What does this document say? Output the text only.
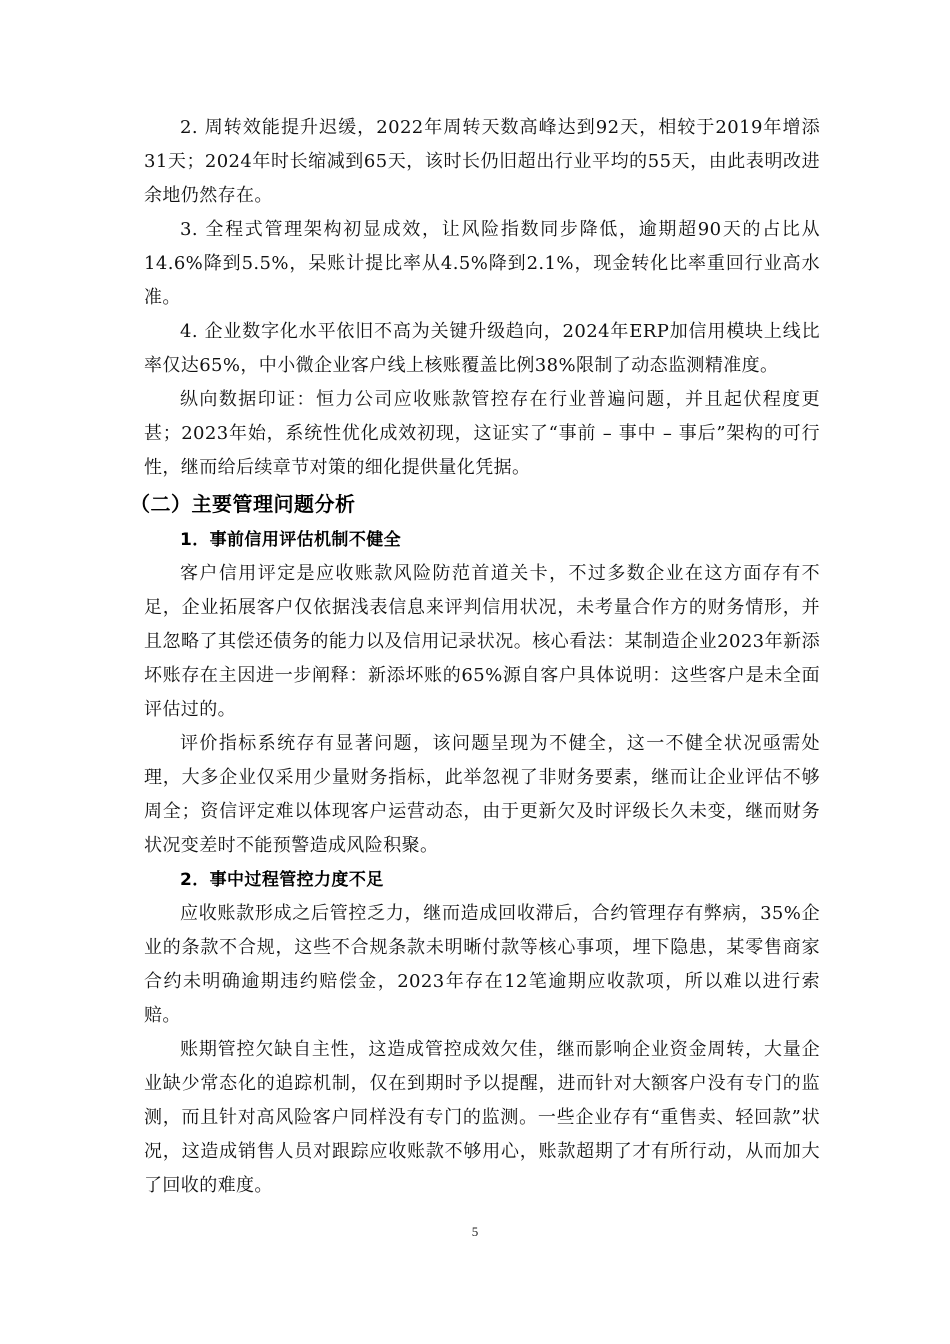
2. 周转效能提升迟缓，2022年周转天数高峰达到92天，相较于2019年增添31天；2024年时长缩减到65天，该时长仍旧超出行业平均的55天，由此表明改进余地仍然存在。

3. 全程式管理架构初显成效，让风险指数同步降低，逾期超90天的占比从14.6%降到5.5%，呆账计提比率从4.5%降到2.1%，现金转化比率重回行业高水准。

4. 企业数字化水平依旧不高为关键升级趋向，2024年ERP加信用模块上线比率仅达65%，中小微企业客户线上核账覆盖比例38%限制了动态监测精准度。

纵向数据印证：恒力公司应收账款管控存在行业普遍问题，并且起伏程度更甚；2023年始，系统性优化成效初现，这证实了“事前 – 事中 – 事后”架构的可行性，继而给后续章节对策的细化提供量化凭据。

（二）主要管理问题分析
1．事前信用评估机制不健全

客户信用评定是应收账款风险防范首道关卡，不过多数企业在这方面存有不足，企业拓展客户仅依据浅表信息来评判信用状况，未考量合作方的财务情形，并且忽略了其偿还债务的能力以及信用记录状况。核心看法：某制造企业2023年新添坏账存在主因进一步阐释：新添坏账的65%源自客户具体说明：这些客户是未全面评估过的。

评价指标系统存有显著问题，该问题呈现为不健全，这一不健全状况亟需处理，大多企业仅采用少量财务指标，此举忽视了非财务要素，继而让企业评估不够周全；资信评定难以体现客户运营动态，由于更新欠及时评级长久未变，继而财务状况变差时不能预警造成风险积聚。

2．事中过程管控力度不足

应收账款形成之后管控乏力，继而造成回收滞后，合约管理存有弊病，35%企业的条款不合规，这些不合规条款未明晰付款等核心事项，埋下隐患，某零售商家合约未明确逾期违约赔偿金，2023年存在12笔逾期应收款项，所以难以进行索赔。

账期管控欠缺自主性，这造成管控成效欠佳，继而影响企业资金周转，大量企业缺少常态化的追踪机制，仅在到期时予以提醒，进而针对大额客户没有专门的监测，而且针对高风险客户同样没有专门的监测。一些企业存有“重售卖、轻回款”状况，这造成销售人员对跟踪应收账款不够用心，账款超期了才有所行动，从而加大了回收的难度。

5
